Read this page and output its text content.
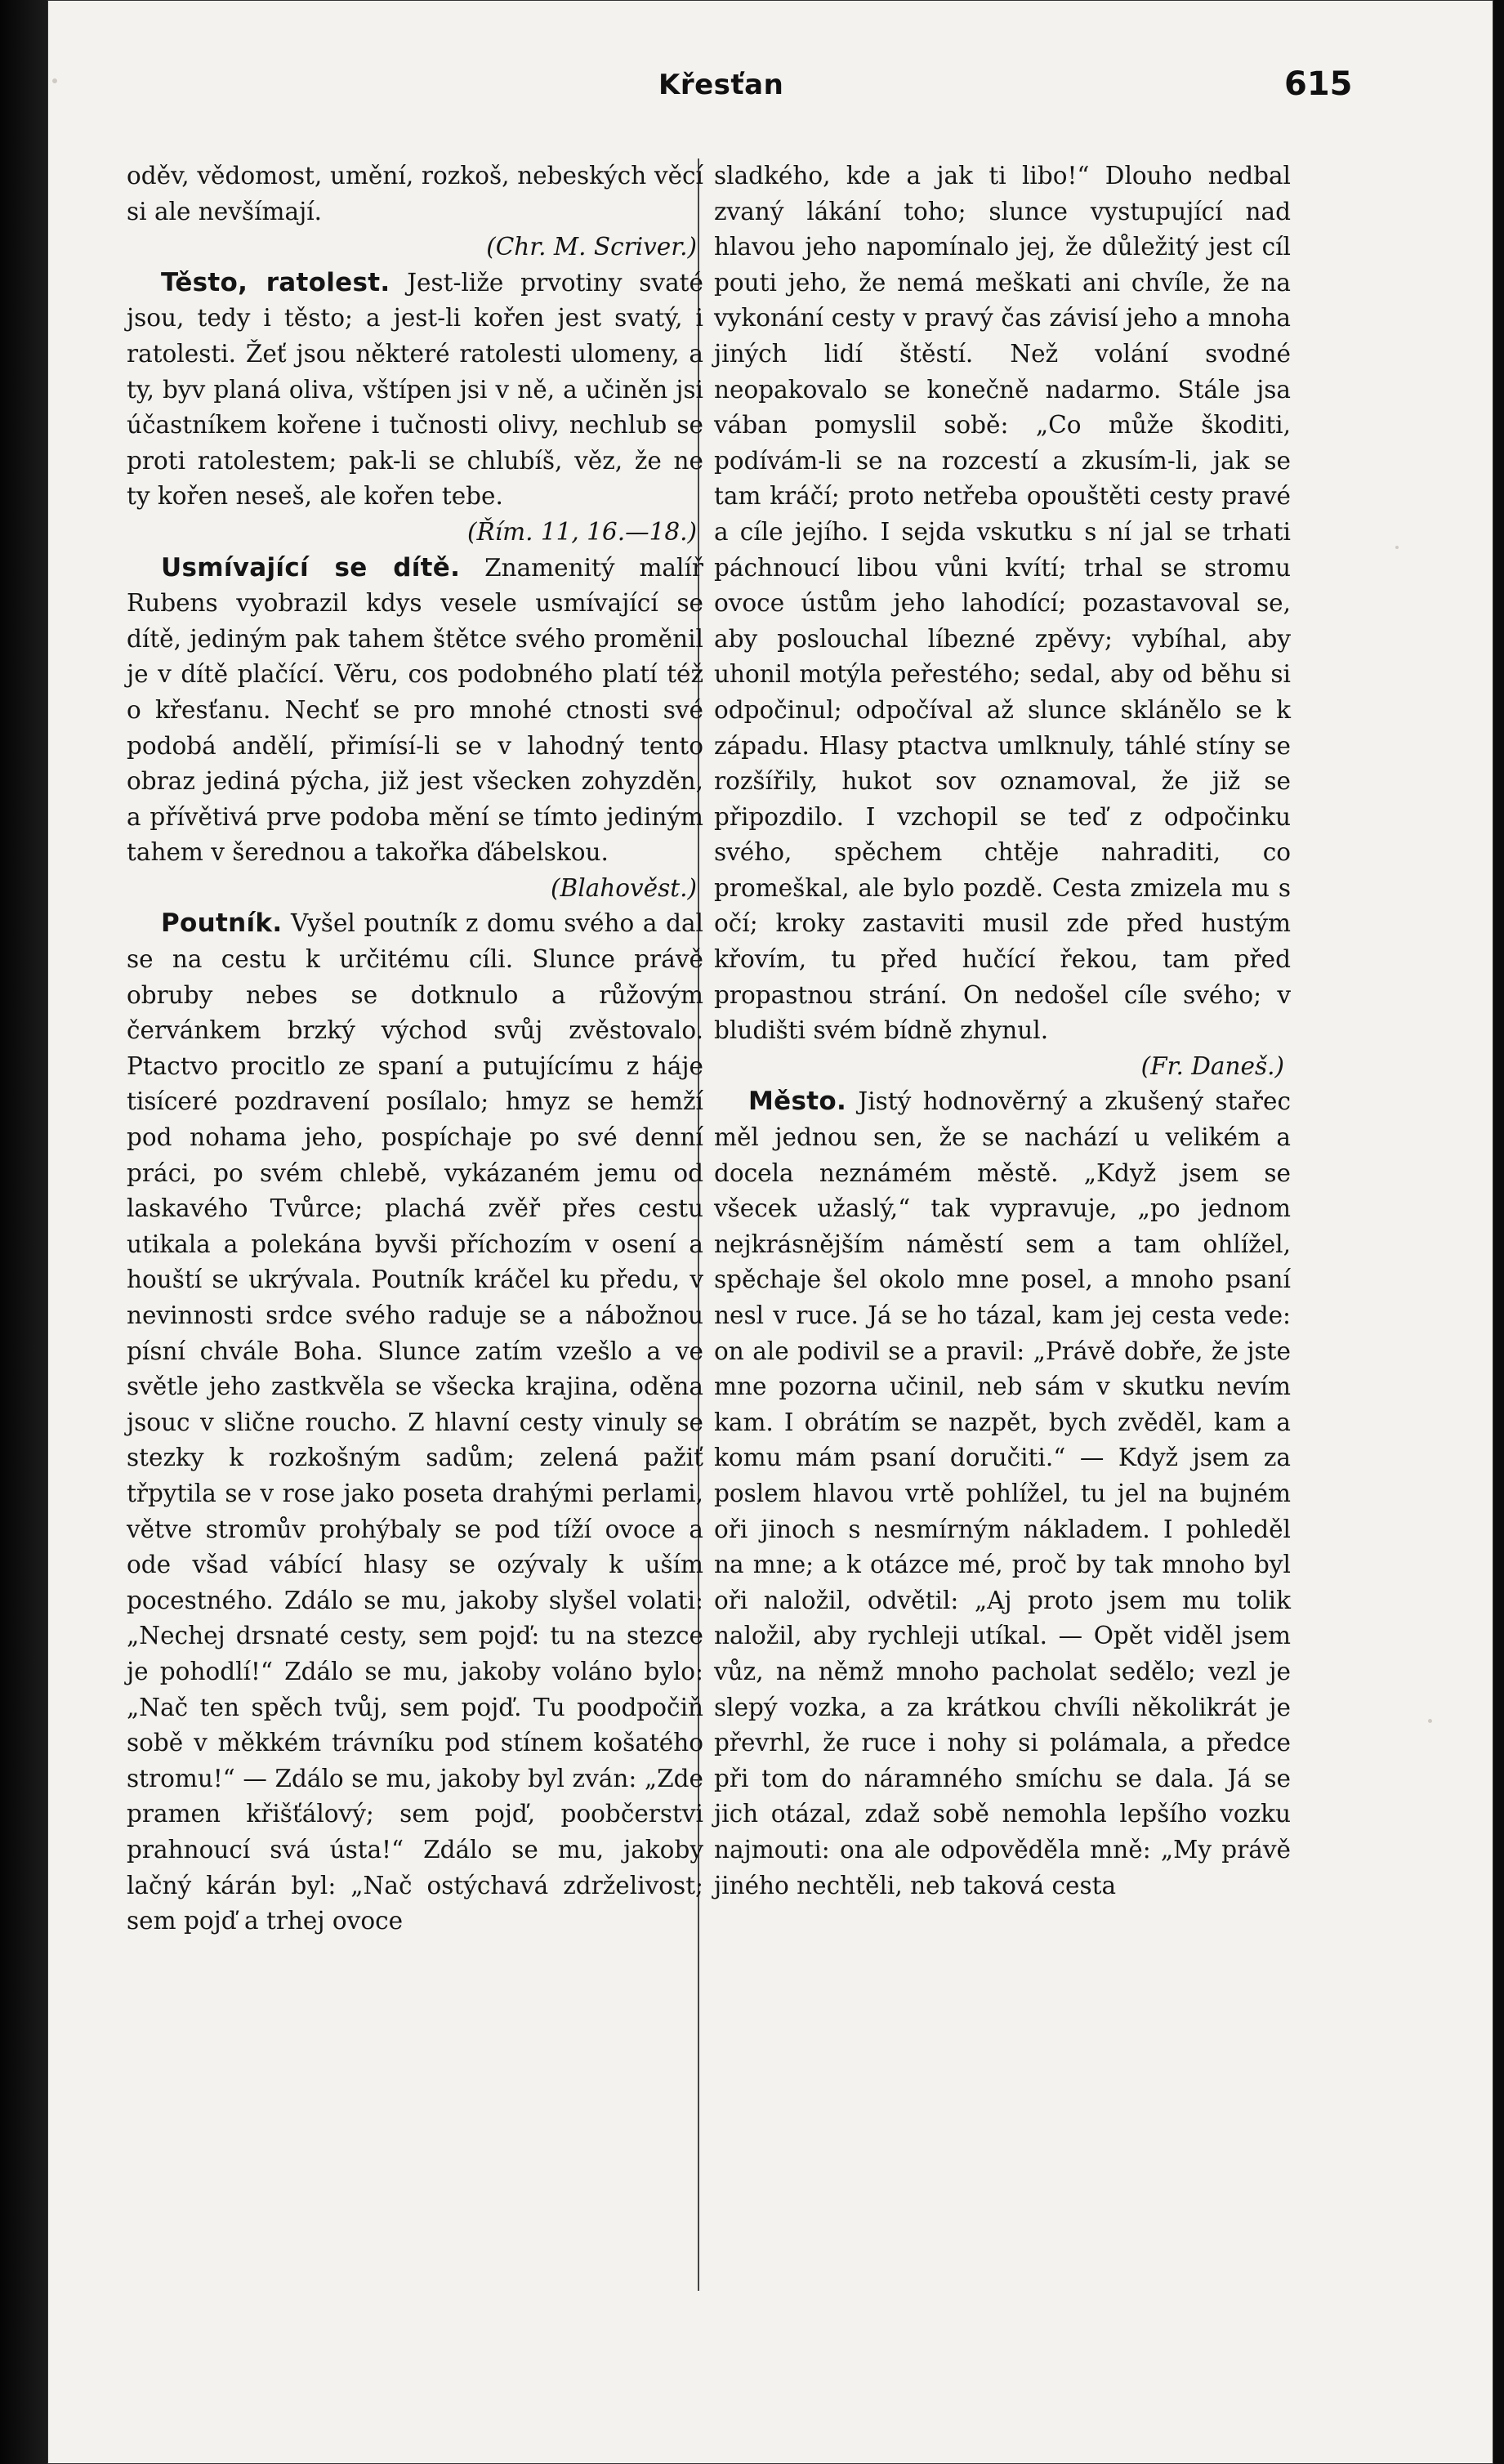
Křesťan	615

oděv, vědomost, umění, rozkoš, nebeských věcí si ale nevšímají.

(Chr. M. Scriver.)

Těsto, ratolest. Jest-liže prvotiny svaté jsou, tedy i těsto; a jest-li kořen jest svatý, i ratolesti. Žeť jsou některé ratolesti ulomeny, a ty, byv planá oliva, vštípen jsi v ně, a učiněn jsi účastníkem kořene i tučnosti olivy, nechlub se proti ratolestem; pak-li se chlubíš, věz, že ne ty kořen neseš, ale kořen tebe.

(Řím. 11, 16.—18.)

Usmívající se dítě. Znamenitý malíř Rubens vyobrazil kdys vesele usmívající se dítě, jediným pak tahem štětce svého proměnil je v dítě plačící. Věru, cos podobného platí též o křesťanu. Nechť se pro mnohé ctnosti své podobá andělí, přimísí-li se v lahodný tento obraz jediná pýcha, již jest všecken zohyzděn, a přívětivá prve podoba mění se tímto jediným tahem v šerednou a takořka ďábelskou.

(Blahověst.)

Poutník. Vyšel poutník z domu svého a dal se na cestu k určitému cíli. Slunce právě obruby nebes se dotknulo a růžovým červánkem brzký východ svůj zvěstovalo. Ptactvo procitlo ze spaní a putujícímu z háje tisíceré pozdravení posílalo; hmyz se hemží pod nohama jeho, pospíchaje po své denní práci, po svém chlebě, vykázaném jemu od laskavého Tvůrce; plachá zvěř přes cestu utikala a polekána byvši příchozím v osení a houští se ukrývala. Poutník kráčel ku předu, v nevinnosti srdce svého raduje se a nábožnou písní chvále Boha. Slunce zatím vzešlo a ve světle jeho zastkvěla se všecka krajina, oděna jsouc v slične roucho. Z hlavní cesty vinuly se stezky k rozkošným sadům; zelená pažiť třpytila se v rose jako poseta drahými perlami, větve stromův prohýbaly se pod tíží ovoce a ode všad vábící hlasy se ozývaly k uším pocestného. Zdálo se mu, jakoby slyšel volati: „Nechej drsnaté cesty, sem pojď: tu na stezce je pohodlí!“ Zdálo se mu, jakoby voláno bylo: „Nač ten spěch tvůj, sem pojď. Tu poodpočiň sobě v měkkém trávníku pod stínem košatého stromu!“ — Zdálo se mu, jakoby byl zván: „Zde pramen křišťálový; sem pojď, poobčerstvi prahnoucí svá ústa!“ Zdálo se mu, jakoby lačný kárán byl: „Nač ostýchavá zdrželivost; sem pojď a trhej ovoce

sladkého, kde a jak ti libo!“ Dlouho nedbal zvaný lákání toho; slunce vystupující nad hlavou jeho napomínalo jej, že důležitý jest cíl pouti jeho, že nemá meškati ani chvíle, že na vykonání cesty v pravý čas závisí jeho a mnoha jiných lidí štěstí. Než volání svodné neopakovalo se konečně nadarmo. Stále jsa vában pomyslil sobě: „Co může škoditi, podívám-li se na rozcestí a zkusím-li, jak se tam kráčí; proto netřeba opouštěti cesty pravé a cíle jejího. I sejda vskutku s ní jal se trhati páchnoucí libou vůni kvítí; trhal se stromu ovoce ústům jeho lahodící; pozastavoval se, aby poslouchal líbezné zpěvy; vybíhal, aby uhonil motýla peřestého; sedal, aby od běhu si odpočinul; odpočíval až slunce sklánělo se k západu. Hlasy ptactva umlknuly, táhlé stíny se rozšířily, hukot sov oznamoval, že již se připozdilo. I vzchopil se teď z odpočinku svého, spěchem chtěje nahraditi, co promeškal, ale bylo pozdě. Cesta zmizela mu s očí; kroky zastaviti musil zde před hustým křovím, tu před hučící řekou, tam před propastnou strání. On nedošel cíle svého; v bludišti svém bídně zhynul.

(Fr. Daneš.)

Město. Jistý hodnověrný a zkušený stařec měl jednou sen, že se nachází u velikém a docela neznámém městě. „Když jsem se všecek užaslý,“ tak vypravuje, „po jednom nejkrásnějším náměstí sem a tam ohlížel, spěchaje šel okolo mne posel, a mnoho psaní nesl v ruce. Já se ho tázal, kam jej cesta vede: on ale podivil se a pravil: „Právě dobře, že jste mne pozorna učinil, neb sám v skutku nevím kam. I obrátím se nazpět, bych zvěděl, kam a komu mám psaní doručiti.“ — Když jsem za poslem hlavou vrtě pohlížel, tu jel na bujném oři jinoch s nesmírným nákladem. I pohleděl na mne; a k otázce mé, proč by tak mnoho byl oři naložil, odvětil: „Aj proto jsem mu tolik naložil, aby rychleji utíkal. — Opět viděl jsem vůz, na němž mnoho pacholat sedělo; vezl je slepý vozka, a za krátkou chvíli několikrát je převrhl, že ruce i nohy si polámala, a předce při tom do náramného smíchu se dala. Já se jich otázal, zdaž sobě nemohla lepšího vozku najmouti: ona ale odpověděla mně: „My právě jiného nechtěli, neb taková cesta
